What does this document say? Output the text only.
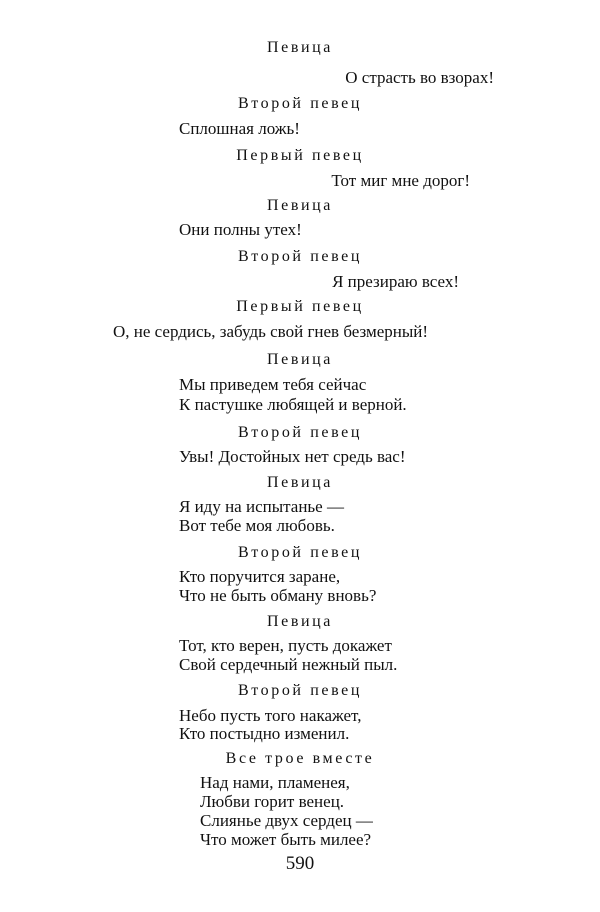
Певица
О страсть во взорах!
Второй певец
Сплошная ложь!
Первый певец
Тот миг мне дорог!
Певица
Они полны утех!
Второй певец
Я презираю всех!
Первый певец
О, не сердись, забудь свой гнев безмерный!
Певица
Мы приведем тебя сейчас
К пастушке любящей и верной.
Второй певец
Увы! Достойных нет средь вас!
Певица
Я иду на испытанье —
Вот тебе моя любовь.
Второй певец
Кто поручится заране,
Что не быть обману вновь?
Певица
Тот, кто верен, пусть докажет
Свой сердечный нежный пыл.
Второй певец
Небо пусть того накажет,
Кто постыдно изменил.
Все трое вместе
Над нами, пламенея,
Любви горит венец.
Слиянье двух сердец —
Что может быть милее?
590
